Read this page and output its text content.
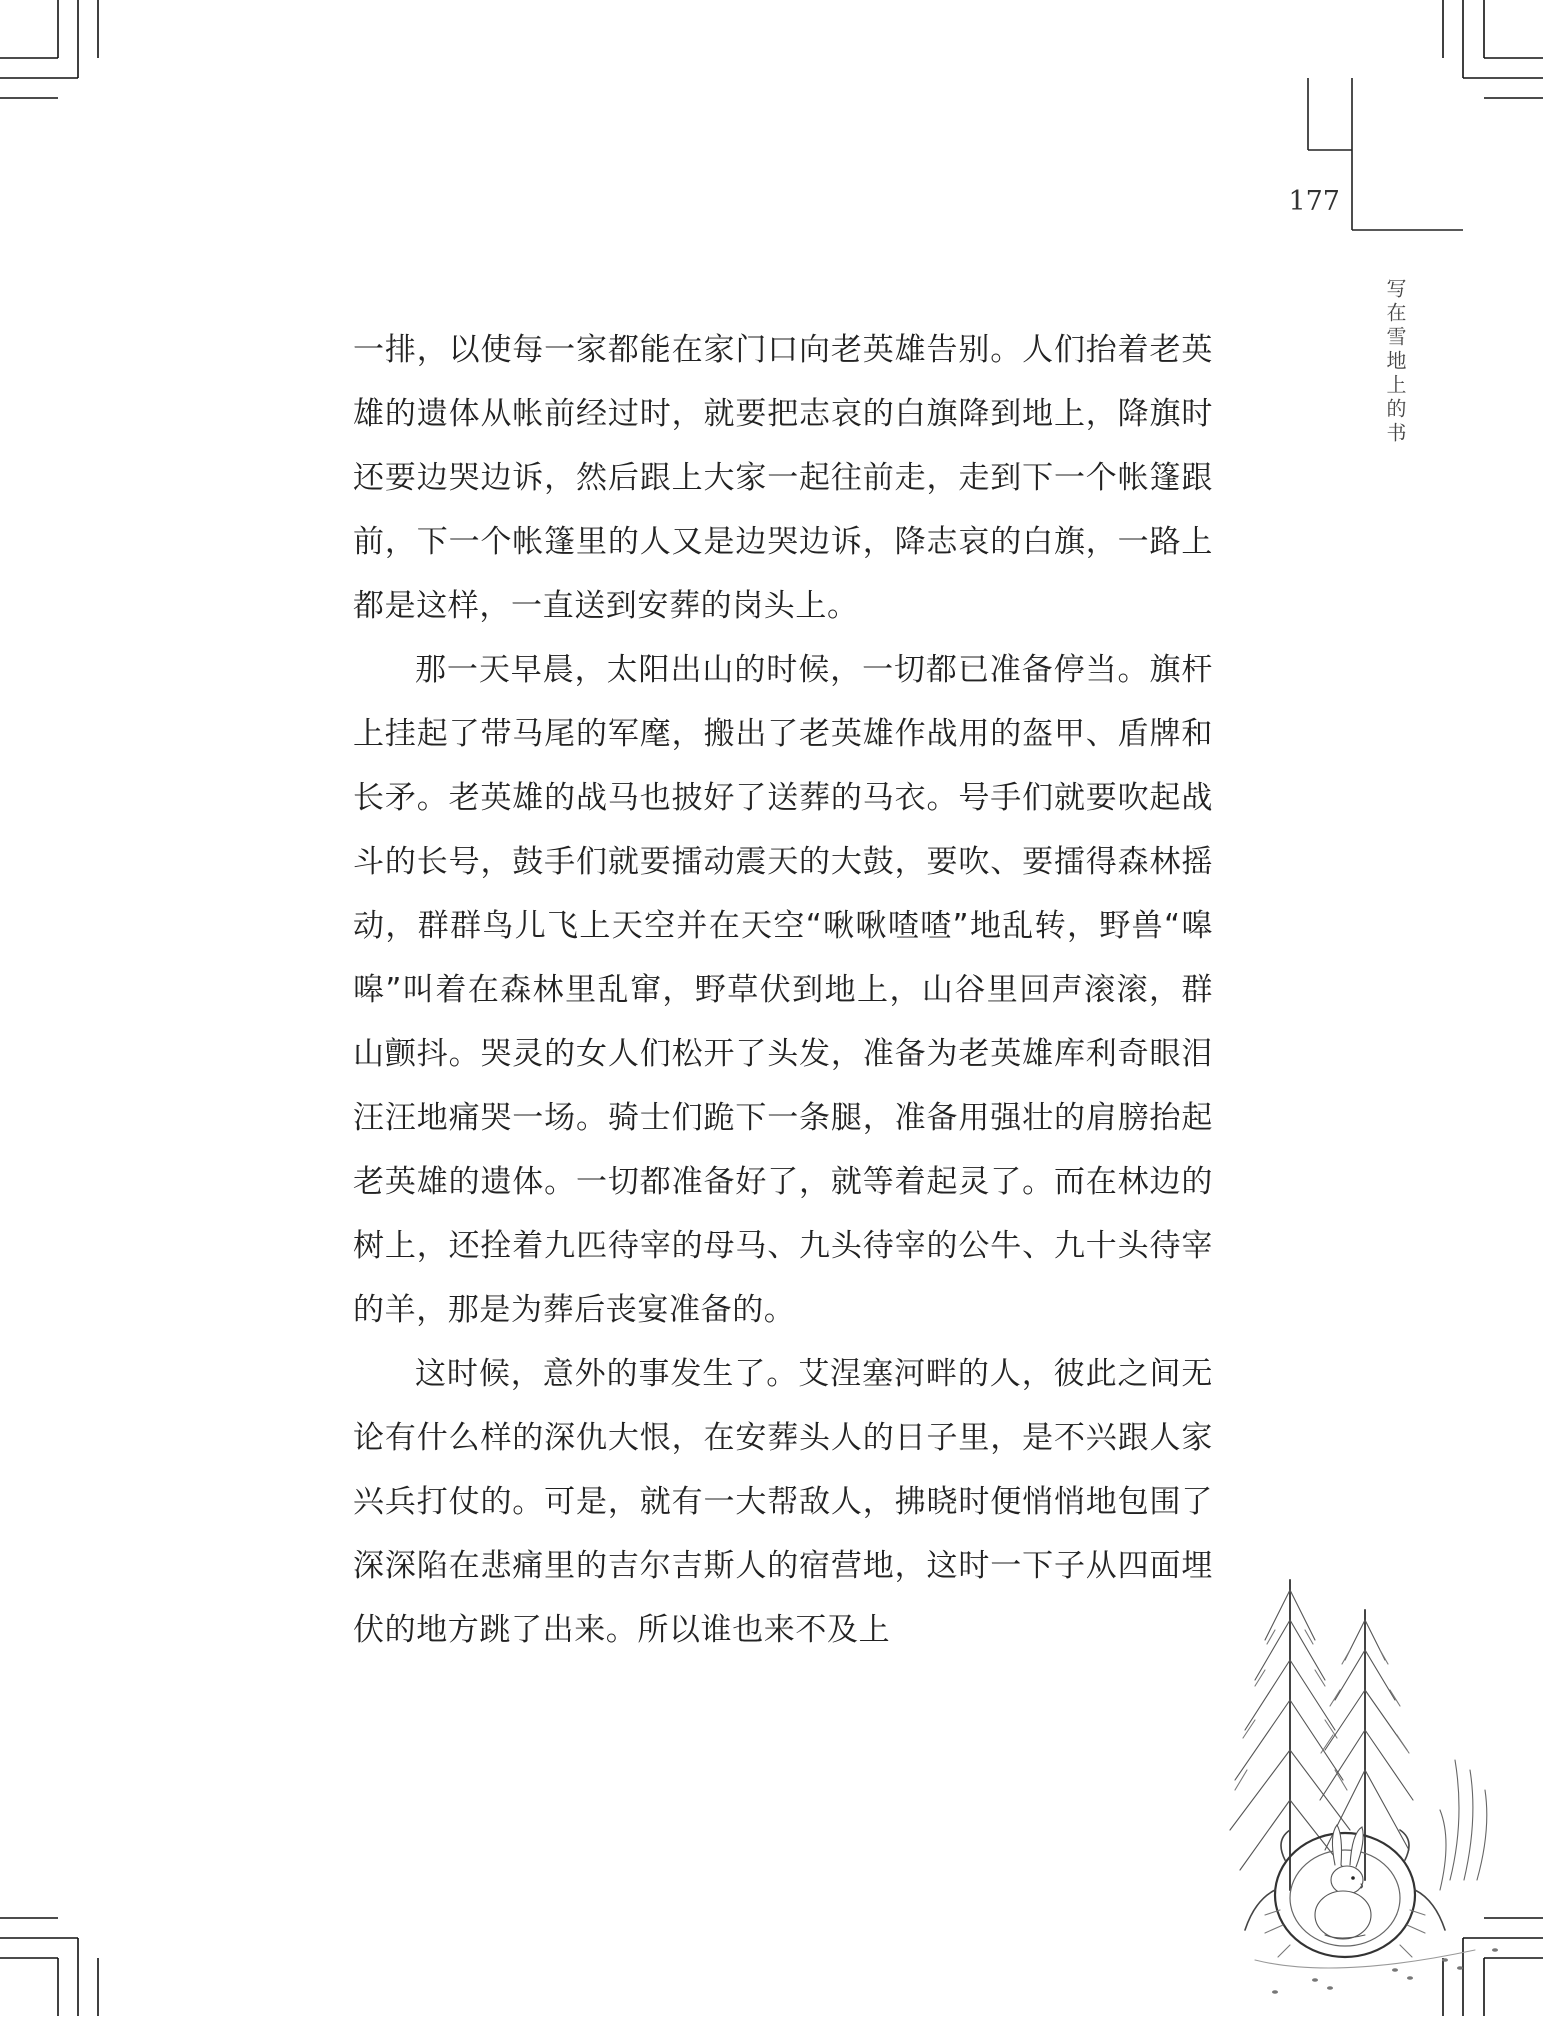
177
写在雪地上的书

一排，以使每一家都能在家门口向老英雄告别。人们抬着老英雄的遗体从帐前经过时，就要把志哀的白旗降到地上，降旗时还要边哭边诉，然后跟上大家一起往前走，走到下一个帐篷跟前，下一个帐篷里的人又是边哭边诉，降志哀的白旗，一路上都是这样，一直送到安葬的岗头上。

那一天早晨，太阳出山的时候，一切都已准备停当。旗杆上挂起了带马尾的军麾，搬出了老英雄作战用的盔甲、盾牌和长矛。老英雄的战马也披好了送葬的马衣。号手们就要吹起战斗的长号，鼓手们就要擂动震天的大鼓，要吹、要擂得森林摇动，群群鸟儿飞上天空并在天空“啾啾喳喳”地乱转，野兽“嗥嗥”叫着在森林里乱窜，野草伏到地上，山谷里回声滚滚，群山颤抖。哭灵的女人们松开了头发，准备为老英雄库利奇眼泪汪汪地痛哭一场。骑士们跪下一条腿，准备用强壮的肩膀抬起老英雄的遗体。一切都准备好了，就等着起灵了。而在林边的树上，还拴着九匹待宰的母马、九头待宰的公牛、九十头待宰的羊，那是为葬后丧宴准备的。

这时候，意外的事发生了。艾涅塞河畔的人，彼此之间无论有什么样的深仇大恨，在安葬头人的日子里，是不兴跟人家兴兵打仗的。可是，就有一大帮敌人，拂晓时便悄悄地包围了深深陷在悲痛里的吉尔吉斯人的宿营地，这时一下子从四面埋伏的地方跳了出来。所以谁也来不及上
